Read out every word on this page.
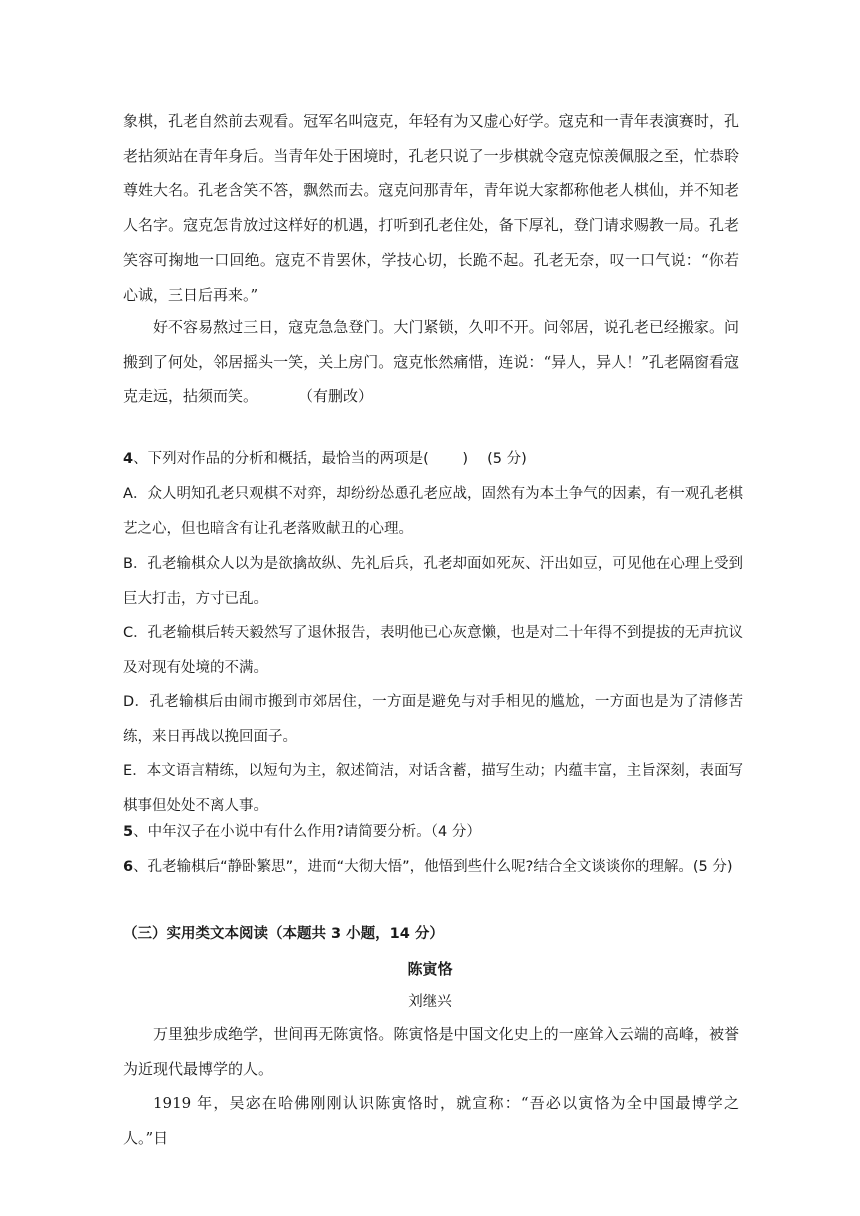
象棋，孔老自然前去观看。冠军名叫寇克，年轻有为又虚心好学。寇克和一青年表演赛时，孔老拈须站在青年身后。当青年处于困境时，孔老只说了一步棋就令寇克惊羡佩服之至，忙恭聆尊姓大名。孔老含笑不答，飘然而去。寇克问那青年，青年说大家都称他老人棋仙，并不知老人名字。寇克怎肯放过这样好的机遇，打听到孔老住处，备下厚礼，登门请求赐教一局。孔老笑容可掬地一口回绝。寇克不肯罢休，学技心切，长跪不起。孔老无奈，叹一口气说：“你若心诚，三日后再来。”

好不容易熬过三日，寇克急急登门。大门紧锁，久叩不开。问邻居，说孔老已经搬家。问搬到了何处，邻居摇头一笑，关上房门。寇克怅然痛惜，连说：“异人，异人！”孔老隔窗看寇克走远，拈须而笑。	（有删改）

4、下列对作品的分析和概括，最恰当的两项是(　　 )　 (5 分)

A．众人明知孔老只观棋不对弈，却纷纷怂恿孔老应战，固然有为本土争气的因素，有一观孔老棋艺之心，但也暗含有让孔老落败献丑的心理。

B．孔老输棋众人以为是欲擒故纵、先礼后兵，孔老却面如死灰、汗出如豆，可见他在心理上受到巨大打击，方寸已乱。

C．孔老输棋后转天毅然写了退休报告，表明他已心灰意懒，也是对二十年得不到提拔的无声抗议及对现有处境的不满。

D．孔老输棋后由闹市搬到市郊居住，一方面是避免与对手相见的尴尬，一方面也是为了清修苦练，来日再战以挽回面子。

E．本文语言精练，以短句为主，叙述简洁，对话含蓄，描写生动；内蕴丰富，主旨深刻，表面写棋事但处处不离人事。

5、中年汉子在小说中有什么作用?请简要分析。（4 分）

6、孔老输棋后“静卧繁思”，进而“大彻大悟”，他悟到些什么呢?结合全文谈谈你的理解。(5 分)

（三）实用类文本阅读（本题共 3 小题，14 分）

陈寅恪

刘继兴

万里独步成绝学，世间再无陈寅恪。陈寅恪是中国文化史上的一座耸入云端的高峰，被誉为近现代最博学的人。

1919 年，吴宓在哈佛刚刚认识陈寅恪时，就宣称：“吾必以寅恪为全中国最博学之人。”日
